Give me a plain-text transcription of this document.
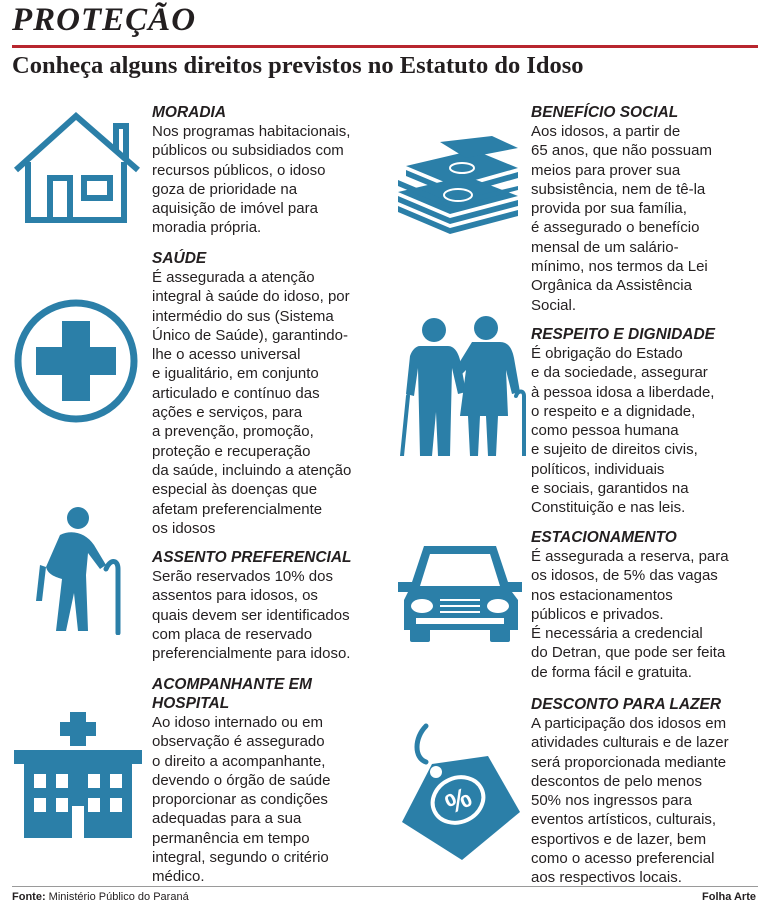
PROTEÇÃO
Conheça alguns direitos previstos no Estatuto do Idoso
%
MORADIA

Nos programas habitacionais,
públicos ou subsidiados com
recursos públicos, o idoso
goza de prioridade na
aquisição de imóvel para
moradia própria.

SAÚDE

É assegurada a atenção
integral à saúde do idoso, por
intermédio do sus (Sistema
Único de Saúde), garantindo-
lhe o acesso universal
e igualitário, em conjunto
articulado e contínuo das
ações e serviços, para
a prevenção, promoção,
proteção e recuperação
da saúde, incluindo a atenção
especial às doenças que
afetam preferencialmente
os idosos

ASSENTO PREFERENCIAL

Serão reservados 10% dos
assentos para idosos, os
quais devem ser identificados
com placa de reservado
preferencialmente para idoso.

ACOMPANHANTE EM
HOSPITAL

Ao idoso internado ou em
observação é assegurado
o direito a acompanhante,
devendo o órgão de saúde
proporcionar as condições
adequadas para a sua
permanência em tempo
integral, segundo o critério
médico.

BENEFÍCIO SOCIAL

Aos idosos, a partir de
65 anos, que não possuam
meios para prover sua
subsistência, nem de tê-la
provida por sua família,
é assegurado o benefício
mensal de um salário-
mínimo, nos termos da Lei
Orgânica da Assistência
Social.

RESPEITO E DIGNIDADE

É obrigação do Estado
e da sociedade, assegurar
à pessoa idosa a liberdade,
o respeito e a dignidade,
como pessoa humana
e sujeito de direitos civis,
políticos, individuais
e sociais, garantidos na
Constituição e nas leis.

ESTACIONAMENTO

É assegurada a reserva, para
os idosos, de 5% das vagas
nos estacionamentos
públicos e privados.
É necessária a credencial
do Detran, que pode ser feita
de forma fácil e gratuita.

DESCONTO PARA LAZER

A participação dos idosos em
atividades culturais e de lazer
será proporcionada mediante
descontos de pelo menos
50% nos ingressos para
eventos artísticos, culturais,
esportivos e de lazer, bem
como o acesso preferencial
aos respectivos locais.

Fonte: Ministério Público do Paraná	Folha Arte
